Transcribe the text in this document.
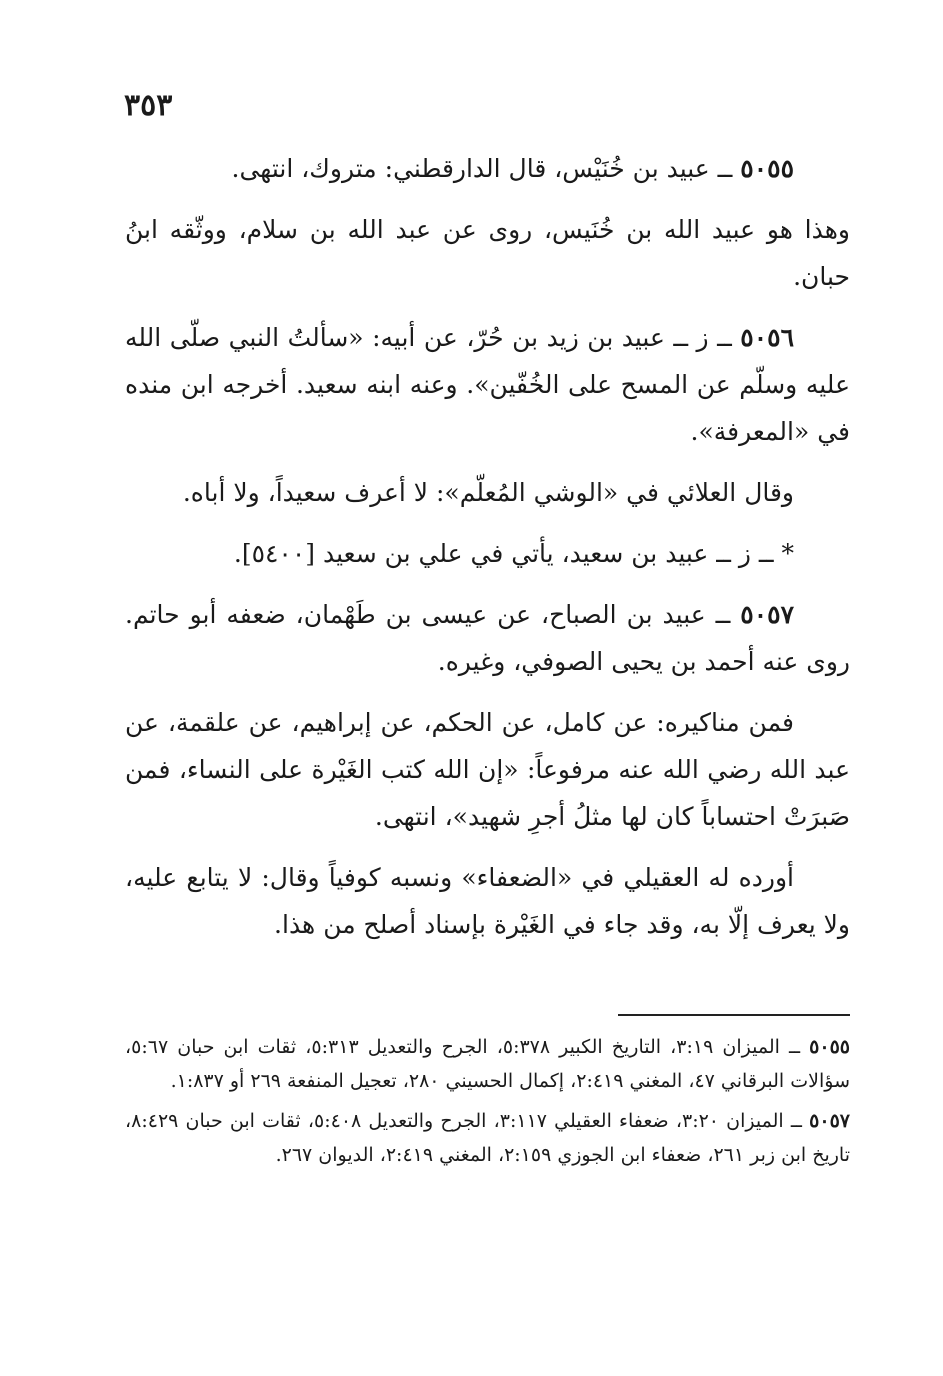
٣٥٣

٥٠٥٥ ــ عبيد بن خُنَيْس، قال الدارقطني: متروك، انتهى.

وهذا هو عبيد الله بن خُنَيس، روى عن عبد الله بن سلام، ووثّقه ابنُ حبان.

٥٠٥٦ ــ ز ــ عبيد بن زيد بن حُرّ، عن أبيه: «سألتُ النبي صلّى الله عليه وسلّم عن المسح على الخُفّين». وعنه ابنه سعيد. أخرجه ابن منده في «المعرفة».

وقال العلائي في «الوشي المُعلّم»: لا أعرف سعيداً، ولا أباه.

* ــ ز ــ عبيد بن سعيد، يأتي في علي بن سعيد [٥٤٠٠].

٥٠٥٧ ــ عبيد بن الصباح، عن عيسى بن طَهْمان، ضعفه أبو حاتم. روى عنه أحمد بن يحيى الصوفي، وغيره.

فمن مناكيره: عن كامل، عن الحكم، عن إبراهيم، عن علقمة، عن عبد الله رضي الله عنه مرفوعاً: «إن الله كتب الغَيْرة على النساء، فمن صَبرَتْ احتساباً كان لها مثلُ أجرِ شهيد»، انتهى.

أورده له العقيلي في «الضعفاء» ونسبه كوفياً وقال: لا يتابع عليه، ولا يعرف إلّا به، وقد جاء في الغَيْرة بإسناد أصلح من هذا.

٥٠٥٥ ــ الميزان ٣:١٩، التاريخ الكبير ٥:٣٧٨، الجرح والتعديل ٥:٣١٣، ثقات ابن حبان ٥:٦٧، سؤالات البرقاني ٤٧، المغني ٢:٤١٩، إكمال الحسيني ٢٨٠، تعجيل المنفعة ٢٦٩ أو ١:٨٣٧.

٥٠٥٧ ــ الميزان ٣:٢٠، ضعفاء العقيلي ٣:١١٧، الجرح والتعديل ٥:٤٠٨، ثقات ابن حبان ٨:٤٢٩، تاريخ ابن زبر ٢٦١، ضعفاء ابن الجوزي ٢:١٥٩، المغني ٢:٤١٩، الديوان ٢٦٧.
